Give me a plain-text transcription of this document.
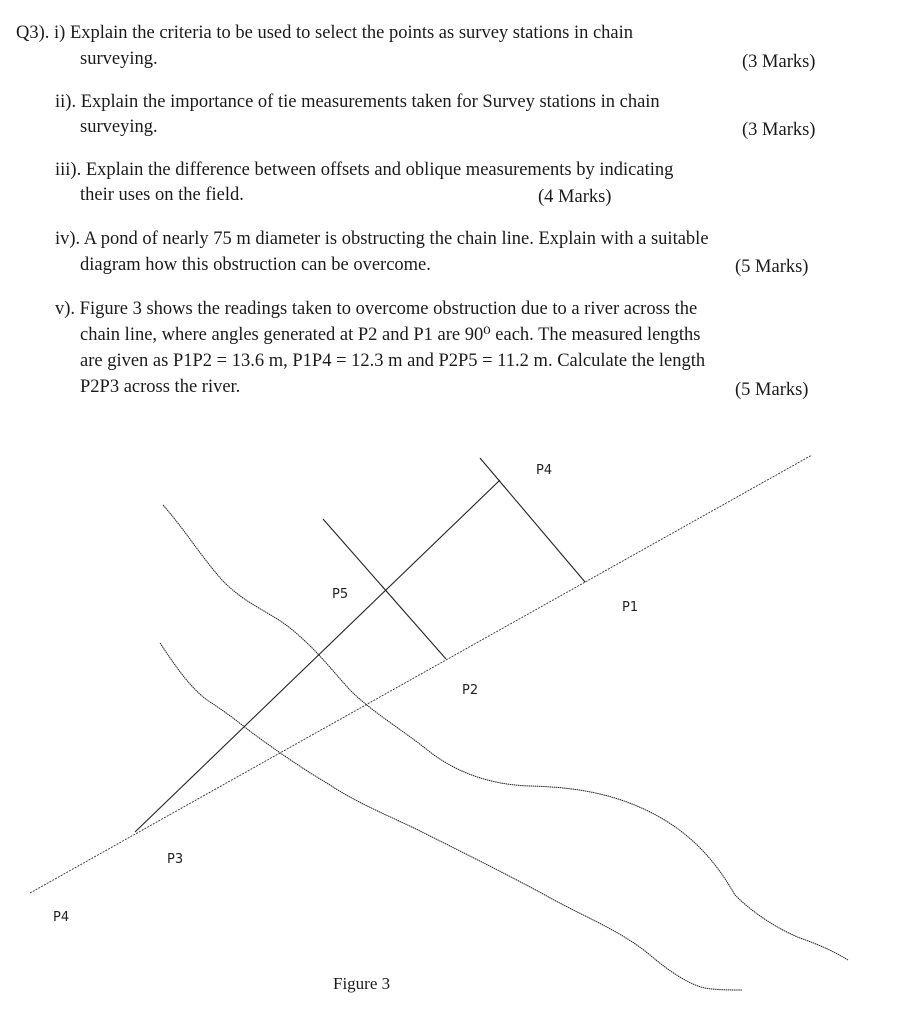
Q3). i) Explain the criteria to be used to select the points as survey stations in chain
surveying.	(3 Marks)
ii). Explain the importance of tie measurements taken for Survey stations in chain
surveying.	(3 Marks)
iii). Explain the difference between offsets and oblique measurements by indicating
their uses on the field.	(4 Marks)
iv). A pond of nearly 75 m diameter is obstructing the chain line. Explain with a suitable
diagram how this obstruction can be overcome.	(5 Marks)
v). Figure 3 shows the readings taken to overcome obstruction due to a river across the
chain line, where angles generated at P2 and P1 are 90⁰ each. The measured lengths
are given as P1P2 = 13.6 m, P1P4 = 12.3 m and P2P5 = 11.2 m. Calculate the length
P2P3 across the river.	(5 Marks)
P4
P5
P1
P2
P3
P4
Figure 3
